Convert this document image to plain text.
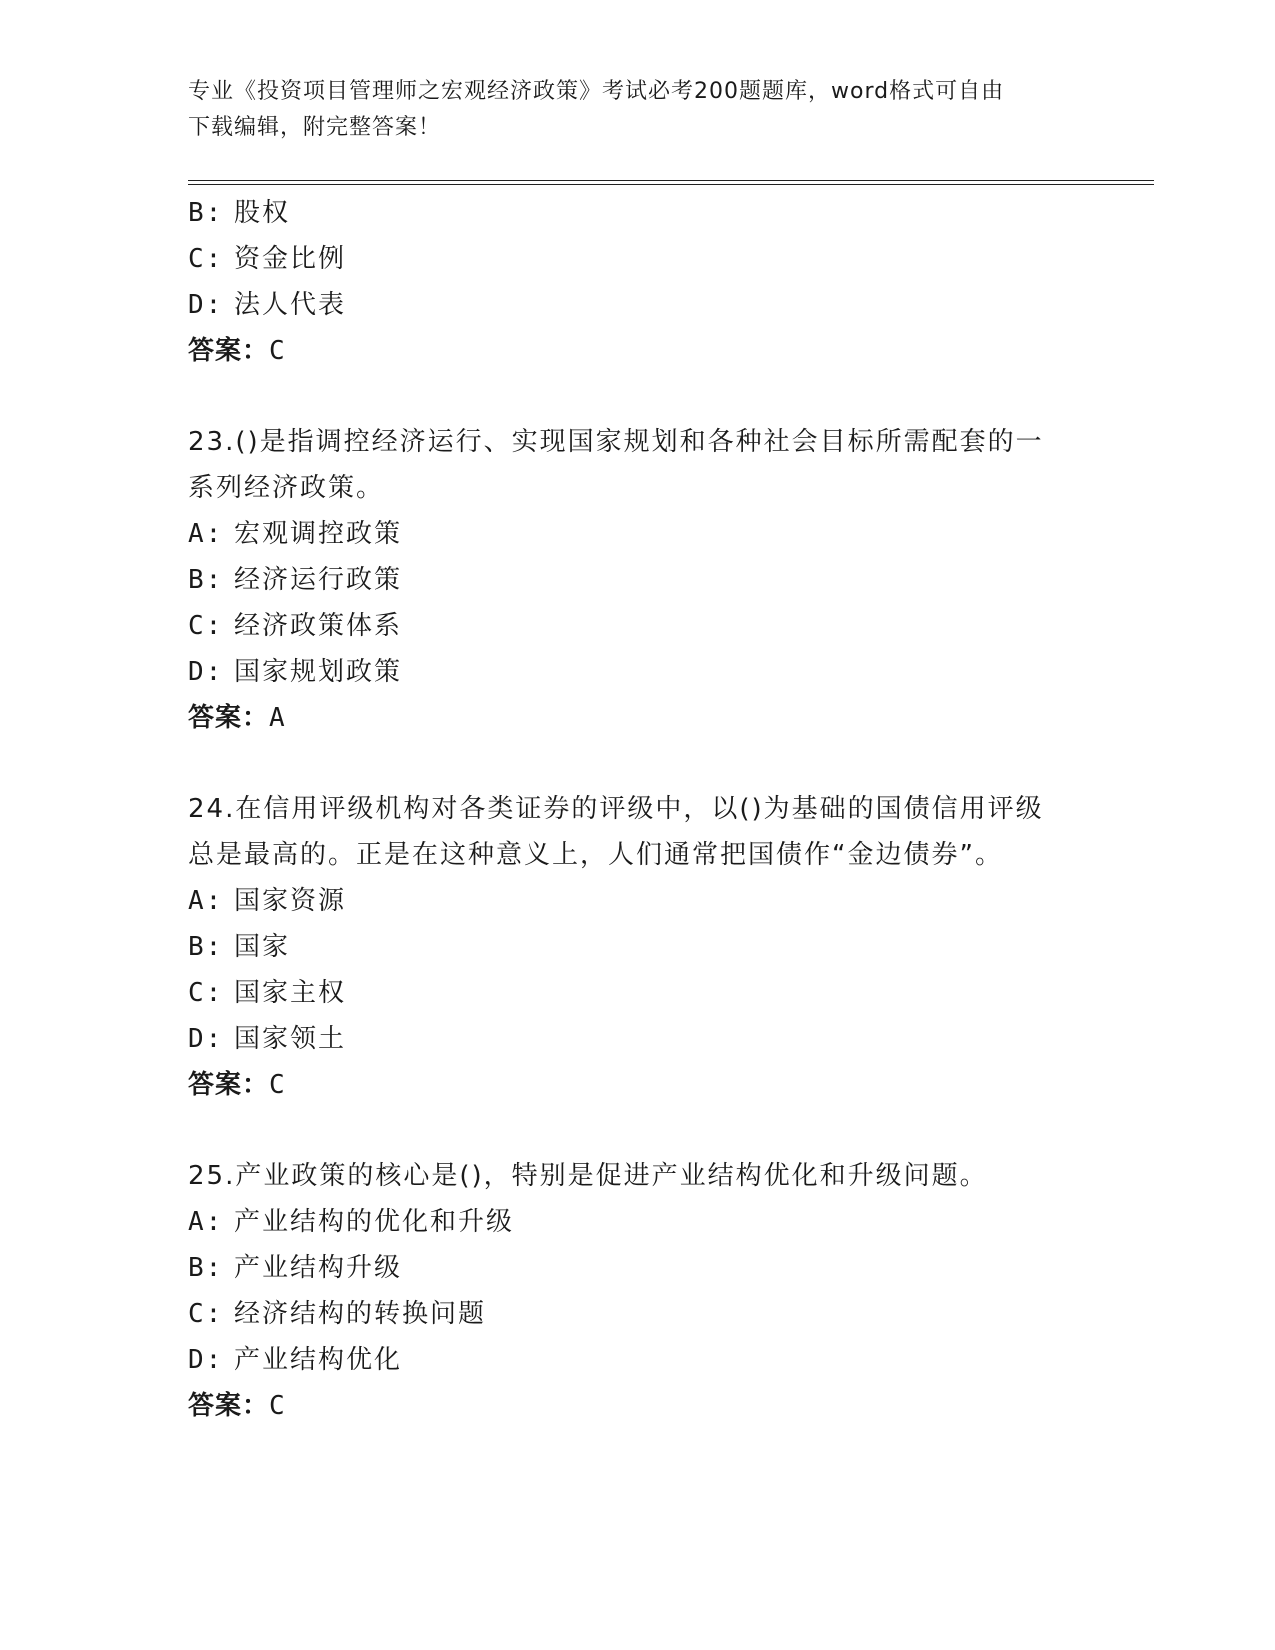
专业《投资项目管理师之宏观经济政策》考试必考200题题库，word格式可自由
下载编辑，附完整答案！
B: 股权
C: 资金比例
D: 法人代表
答案：C
23.()是指调控经济运行、实现国家规划和各种社会目标所需配套的一
系列经济政策。
A: 宏观调控政策
B: 经济运行政策
C: 经济政策体系
D: 国家规划政策
答案：A
24.在信用评级机构对各类证券的评级中，以()为基础的国债信用评级
总是最高的。正是在这种意义上，人们通常把国债作“金边债券”。
A: 国家资源
B: 国家
C: 国家主权
D: 国家领土
答案：C
25.产业政策的核心是()，特别是促进产业结构优化和升级问题。
A: 产业结构的优化和升级
B: 产业结构升级
C: 经济结构的转换问题
D: 产业结构优化
答案：C
